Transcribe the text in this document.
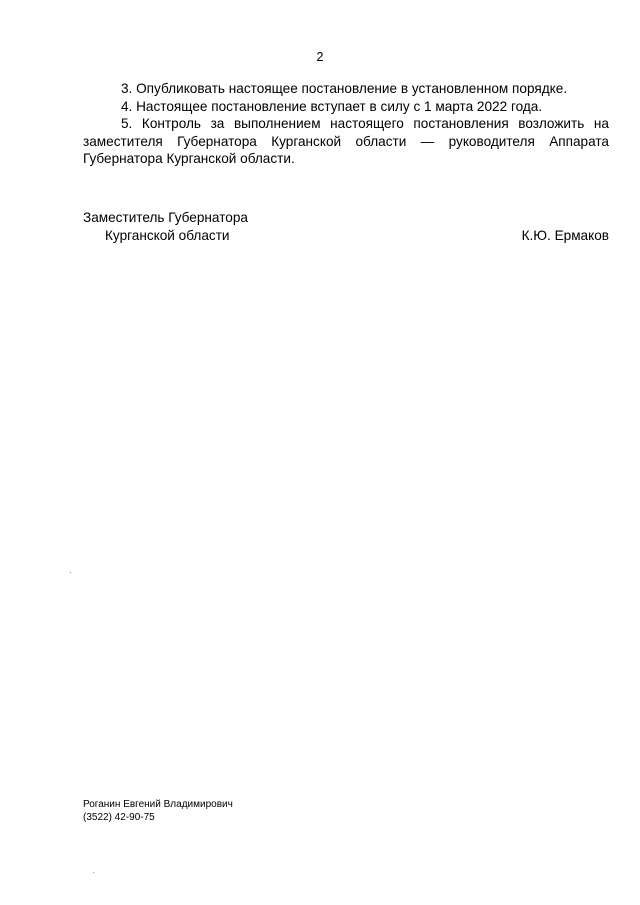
2

3. Опубликовать настоящее постановление в установленном порядке.

4. Настоящее постановление вступает в силу с 1 марта 2022 года.

5. Контроль за выполнением настоящего постановления возложить на заместителя Губернатора Курганской области — руководителя Аппарата Губернатора Курганской области.

Заместитель Губернатора
Курганской области	К.Ю. Ермаков
Роганин Евгений Владимирович
(3522) 42-90-75
